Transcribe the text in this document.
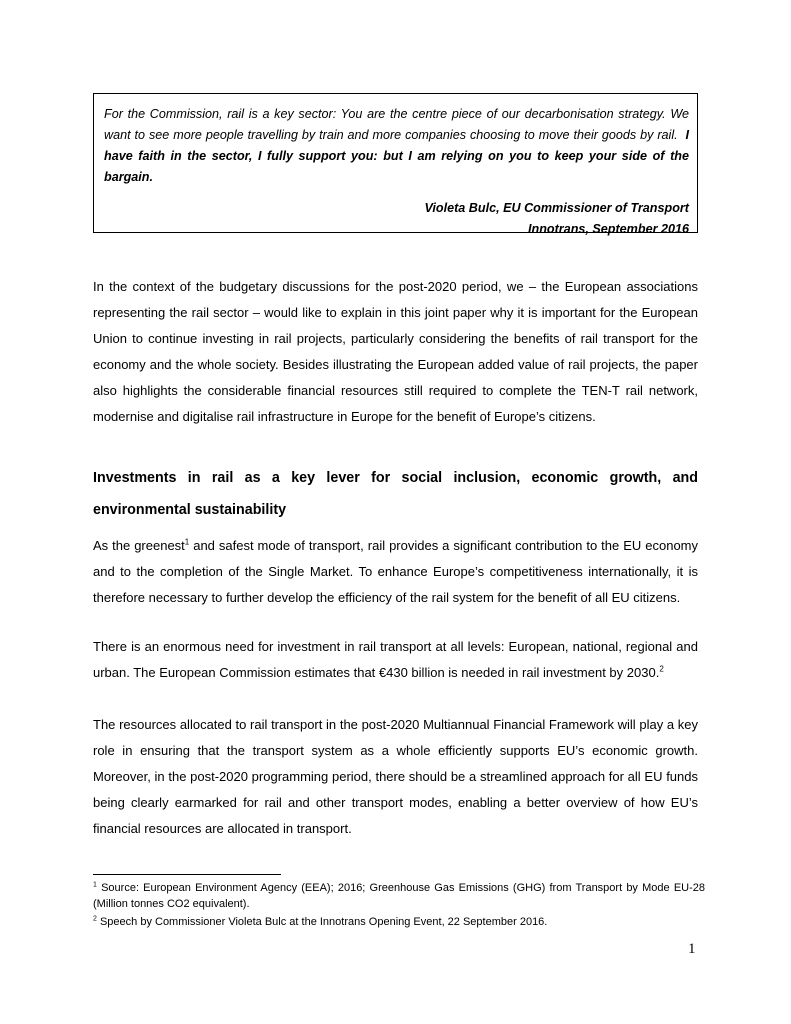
For the Commission, rail is a key sector: You are the centre piece of our decarbonisation strategy. We want to see more people travelling by train and more companies choosing to move their goods by rail. I have faith in the sector, I fully support you: but I am relying on you to keep your side of the bargain.
Violeta Bulc, EU Commissioner of Transport
Innotrans, September 2016

In the context of the budgetary discussions for the post-2020 period, we – the European associations representing the rail sector – would like to explain in this joint paper why it is important for the European Union to continue investing in rail projects, particularly considering the benefits of rail transport for the economy and the whole society. Besides illustrating the European added value of rail projects, the paper also highlights the considerable financial resources still required to complete the TEN-T rail network, modernise and digitalise rail infrastructure in Europe for the benefit of Europe’s citizens.

Investments in rail as a key lever for social inclusion, economic growth, and environmental sustainability

As the greenest$^1$ and safest mode of transport, rail provides a significant contribution to the EU economy and to the completion of the Single Market. To enhance Europe’s competitiveness internationally, it is therefore necessary to further develop the efficiency of the rail system for the benefit of all EU citizens.

There is an enormous need for investment in rail transport at all levels: European, national, regional and urban. The European Commission estimates that €430 billion is needed in rail investment by 2030.$^2$

The resources allocated to rail transport in the post-2020 Multiannual Financial Framework will play a key role in ensuring that the transport system as a whole efficiently supports EU’s economic growth. Moreover, in the post-2020 programming period, there should be a streamlined approach for all EU funds being clearly earmarked for rail and other transport modes, enabling a better overview of how EU’s financial resources are allocated in transport.

$^1$ Source: European Environment Agency (EEA); 2016; Greenhouse Gas Emissions (GHG) from Transport by Mode EU-28 (Million tonnes CO2 equivalent).

$^2$ Speech by Commissioner Violeta Bulc at the Innotrans Opening Event, 22 September 2016.

1
